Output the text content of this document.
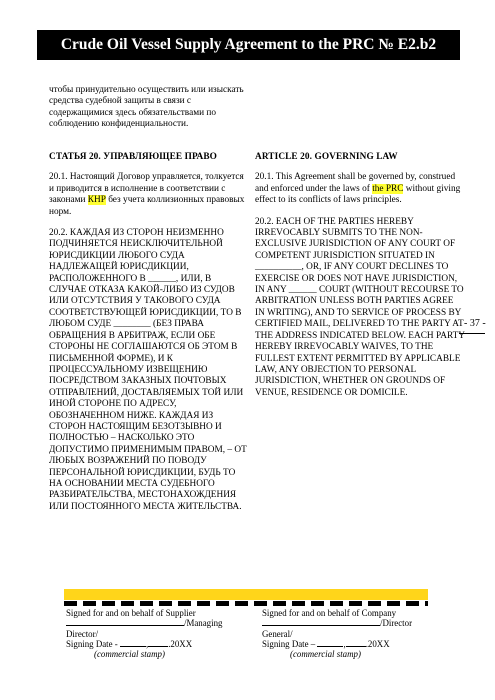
Crude Oil Vessel Supply Agreement to the PRC № E2.b2

чтобы принудительно осуществить или изыскать средства судебной защиты в связи с содержащимися здесь обязательствами по соблюдению конфиденциальности.

СТАТЬЯ 20. УПРАВЛЯЮЩЕЕ ПРАВО

20.1. Настоящий Договор управляется, толкуется и приводится в исполнение в соответствии с законами КНР без учета коллизионных правовых норм.

20.2. КАЖДАЯ ИЗ СТОРОН НЕИЗМЕННО ПОДЧИНЯЕТСЯ НЕИСКЛЮЧИТЕЛЬНОЙ ЮРИСДИКЦИИ ЛЮБОГО СУДА НАДЛЕЖАЩЕЙ ЮРИСДИКЦИИ, РАСПОЛОЖЕННОГО В ______, ИЛИ, В СЛУЧАЕ ОТКАЗА КАКОЙ-ЛИБО ИЗ СУДОВ ИЛИ ОТСУТСТВИЯ У ТАКОВОГО СУДА СООТВЕТСТВУЮЩЕЙ ЮРИСДИКЦИИ, ТО В ЛЮБОМ СУДЕ ________ (БЕЗ ПРАВА ОБРАЩЕНИЯ В АРБИТРАЖ, ЕСЛИ ОБЕ СТОРОНЫ НЕ СОГЛАШАЮТСЯ ОБ ЭТОМ В ПИСЬМЕННОЙ ФОРМЕ), И К ПРОЦЕССУАЛЬНОМУ ИЗВЕЩЕНИЮ ПОСРЕДСТВОМ ЗАКАЗНЫХ ПОЧТОВЫХ ОТПРАВЛЕНИЙ, ДОСТАВЛЯЕМЫХ ТОЙ ИЛИ ИНОЙ СТОРОНЕ ПО АДРЕСУ, ОБОЗНАЧЕННОМ НИЖЕ. КАЖДАЯ ИЗ СТОРОН НАСТОЯЩИМ БЕЗОТЗЫВНО И ПОЛНОСТЬЮ – НАСКОЛЬКО ЭТО ДОПУСТИМО ПРИМЕНИМЫМ ПРАВОМ, – ОТ ЛЮБЫХ ВОЗРАЖЕНИЙ ПО ПОВОДУ ПЕРСОНАЛЬНОЙ ЮРИСДИКЦИИ, БУДЬ ТО НА ОСНОВАНИИ МЕСТА СУДЕБНОГО РАЗБИРАТЕЛЬСТВА, МЕСТОНАХОЖДЕНИЯ ИЛИ ПОСТОЯННОГО МЕСТА ЖИТЕЛЬСТВА.

ARTICLE 20. GOVERNING LAW

20.1. This Agreement shall be governed by, construed and enforced under the laws of the PRC without giving effect to its conflicts of laws principles.

20.2. EACH OF THE PARTIES HEREBY IRREVOCABLY SUBMITS TO THE NON-EXCLUSIVE JURISDICTION OF ANY COURT OF COMPETENT JURISDICTION SITUATED IN __________, OR, IF ANY COURT DECLINES TO EXERCISE OR DOES NOT HAVE JURISDICTION, IN ANY ______ COURT (WITHOUT RECOURSE TO ARBITRATION UNLESS BOTH PARTIES AGREE IN WRITING), AND TO SERVICE OF PROCESS BY CERTIFIED MAIL, DELIVERED TO THE PARTY AT THE ADDRESS INDICATED BELOW. EACH PARTY HEREBY IRREVOCABLY WAIVES, TO THE FULLEST EXTENT PERMITTED BY APPLICABLE LAW, ANY OBJECTION TO PERSONAL JURISDICTION, WHETHER ON GROUNDS OF VENUE, RESIDENCE OR DOMICILE.

- 37 -
Signed for and on behalf of Supplier
/Managing
Director/
Signing Date -	, .20XX
(commercial stamp)
Signed for and on behalf of Company
/Director
General/
Signing Date –	, .20XX
(commercial stamp)
